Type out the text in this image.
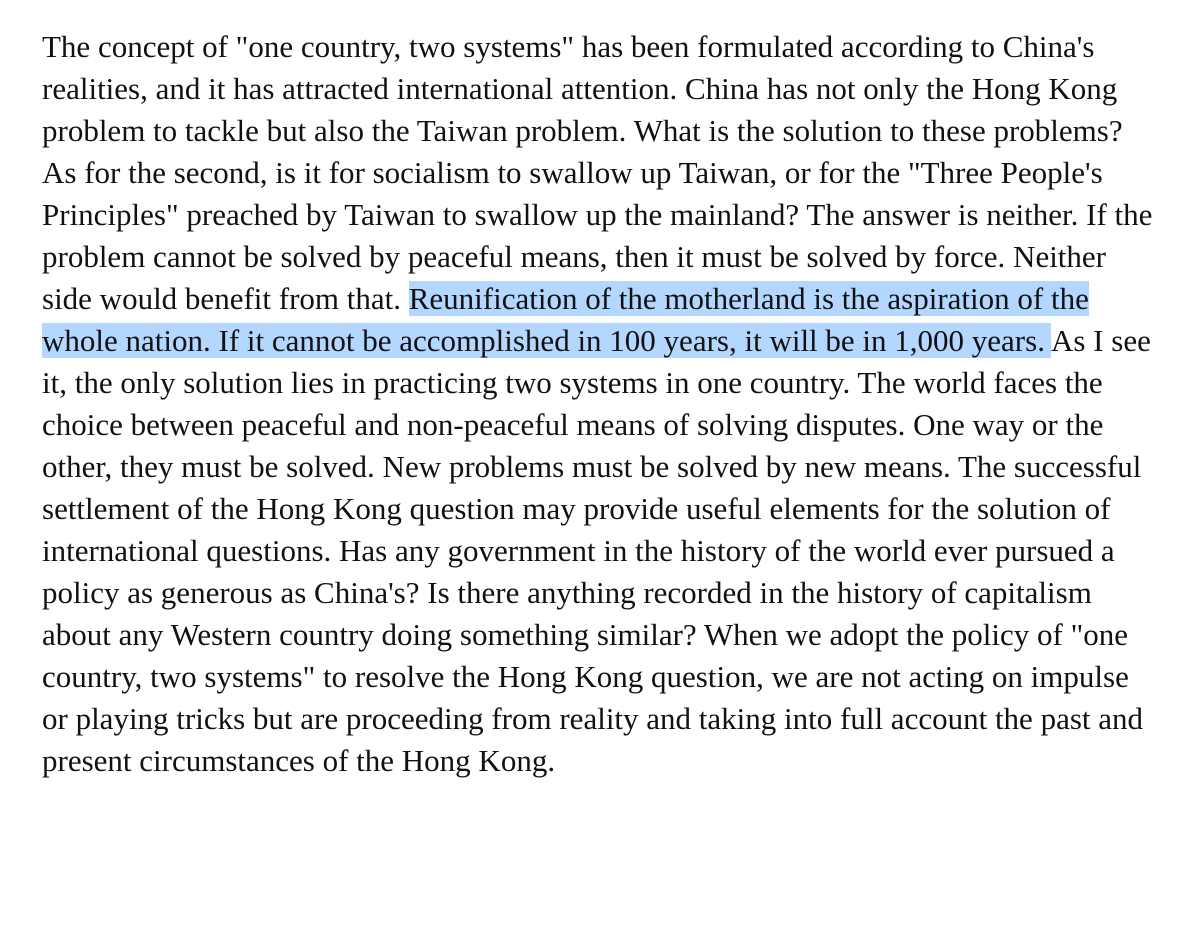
The concept of "one country, two systems" has been formulated according to China's realities, and it has attracted international attention. China has not only the Hong Kong problem to tackle but also the Taiwan problem. What is the solution to these problems? As for the second, is it for socialism to swallow up Taiwan, or for the "Three People's Principles" preached by Taiwan to swallow up the mainland? The answer is neither. If the problem cannot be solved by peaceful means, then it must be solved by force. Neither side would benefit from that. Reunification of the motherland is the aspiration of the whole nation. If it cannot be accomplished in 100 years, it will be in 1,000 years. As I see it, the only solution lies in practicing two systems in one country. The world faces the choice between peaceful and non-peaceful means of solving disputes. One way or the other, they must be solved. New problems must be solved by new means. The successful settlement of the Hong Kong question may provide useful elements for the solution of international questions. Has any government in the history of the world ever pursued a policy as generous as China's? Is there anything recorded in the history of capitalism about any Western country doing something similar? When we adopt the policy of "one country, two systems" to resolve the Hong Kong question, we are not acting on impulse or playing tricks but are proceeding from reality and taking into full account the past and present circumstances of the Hong Kong.
